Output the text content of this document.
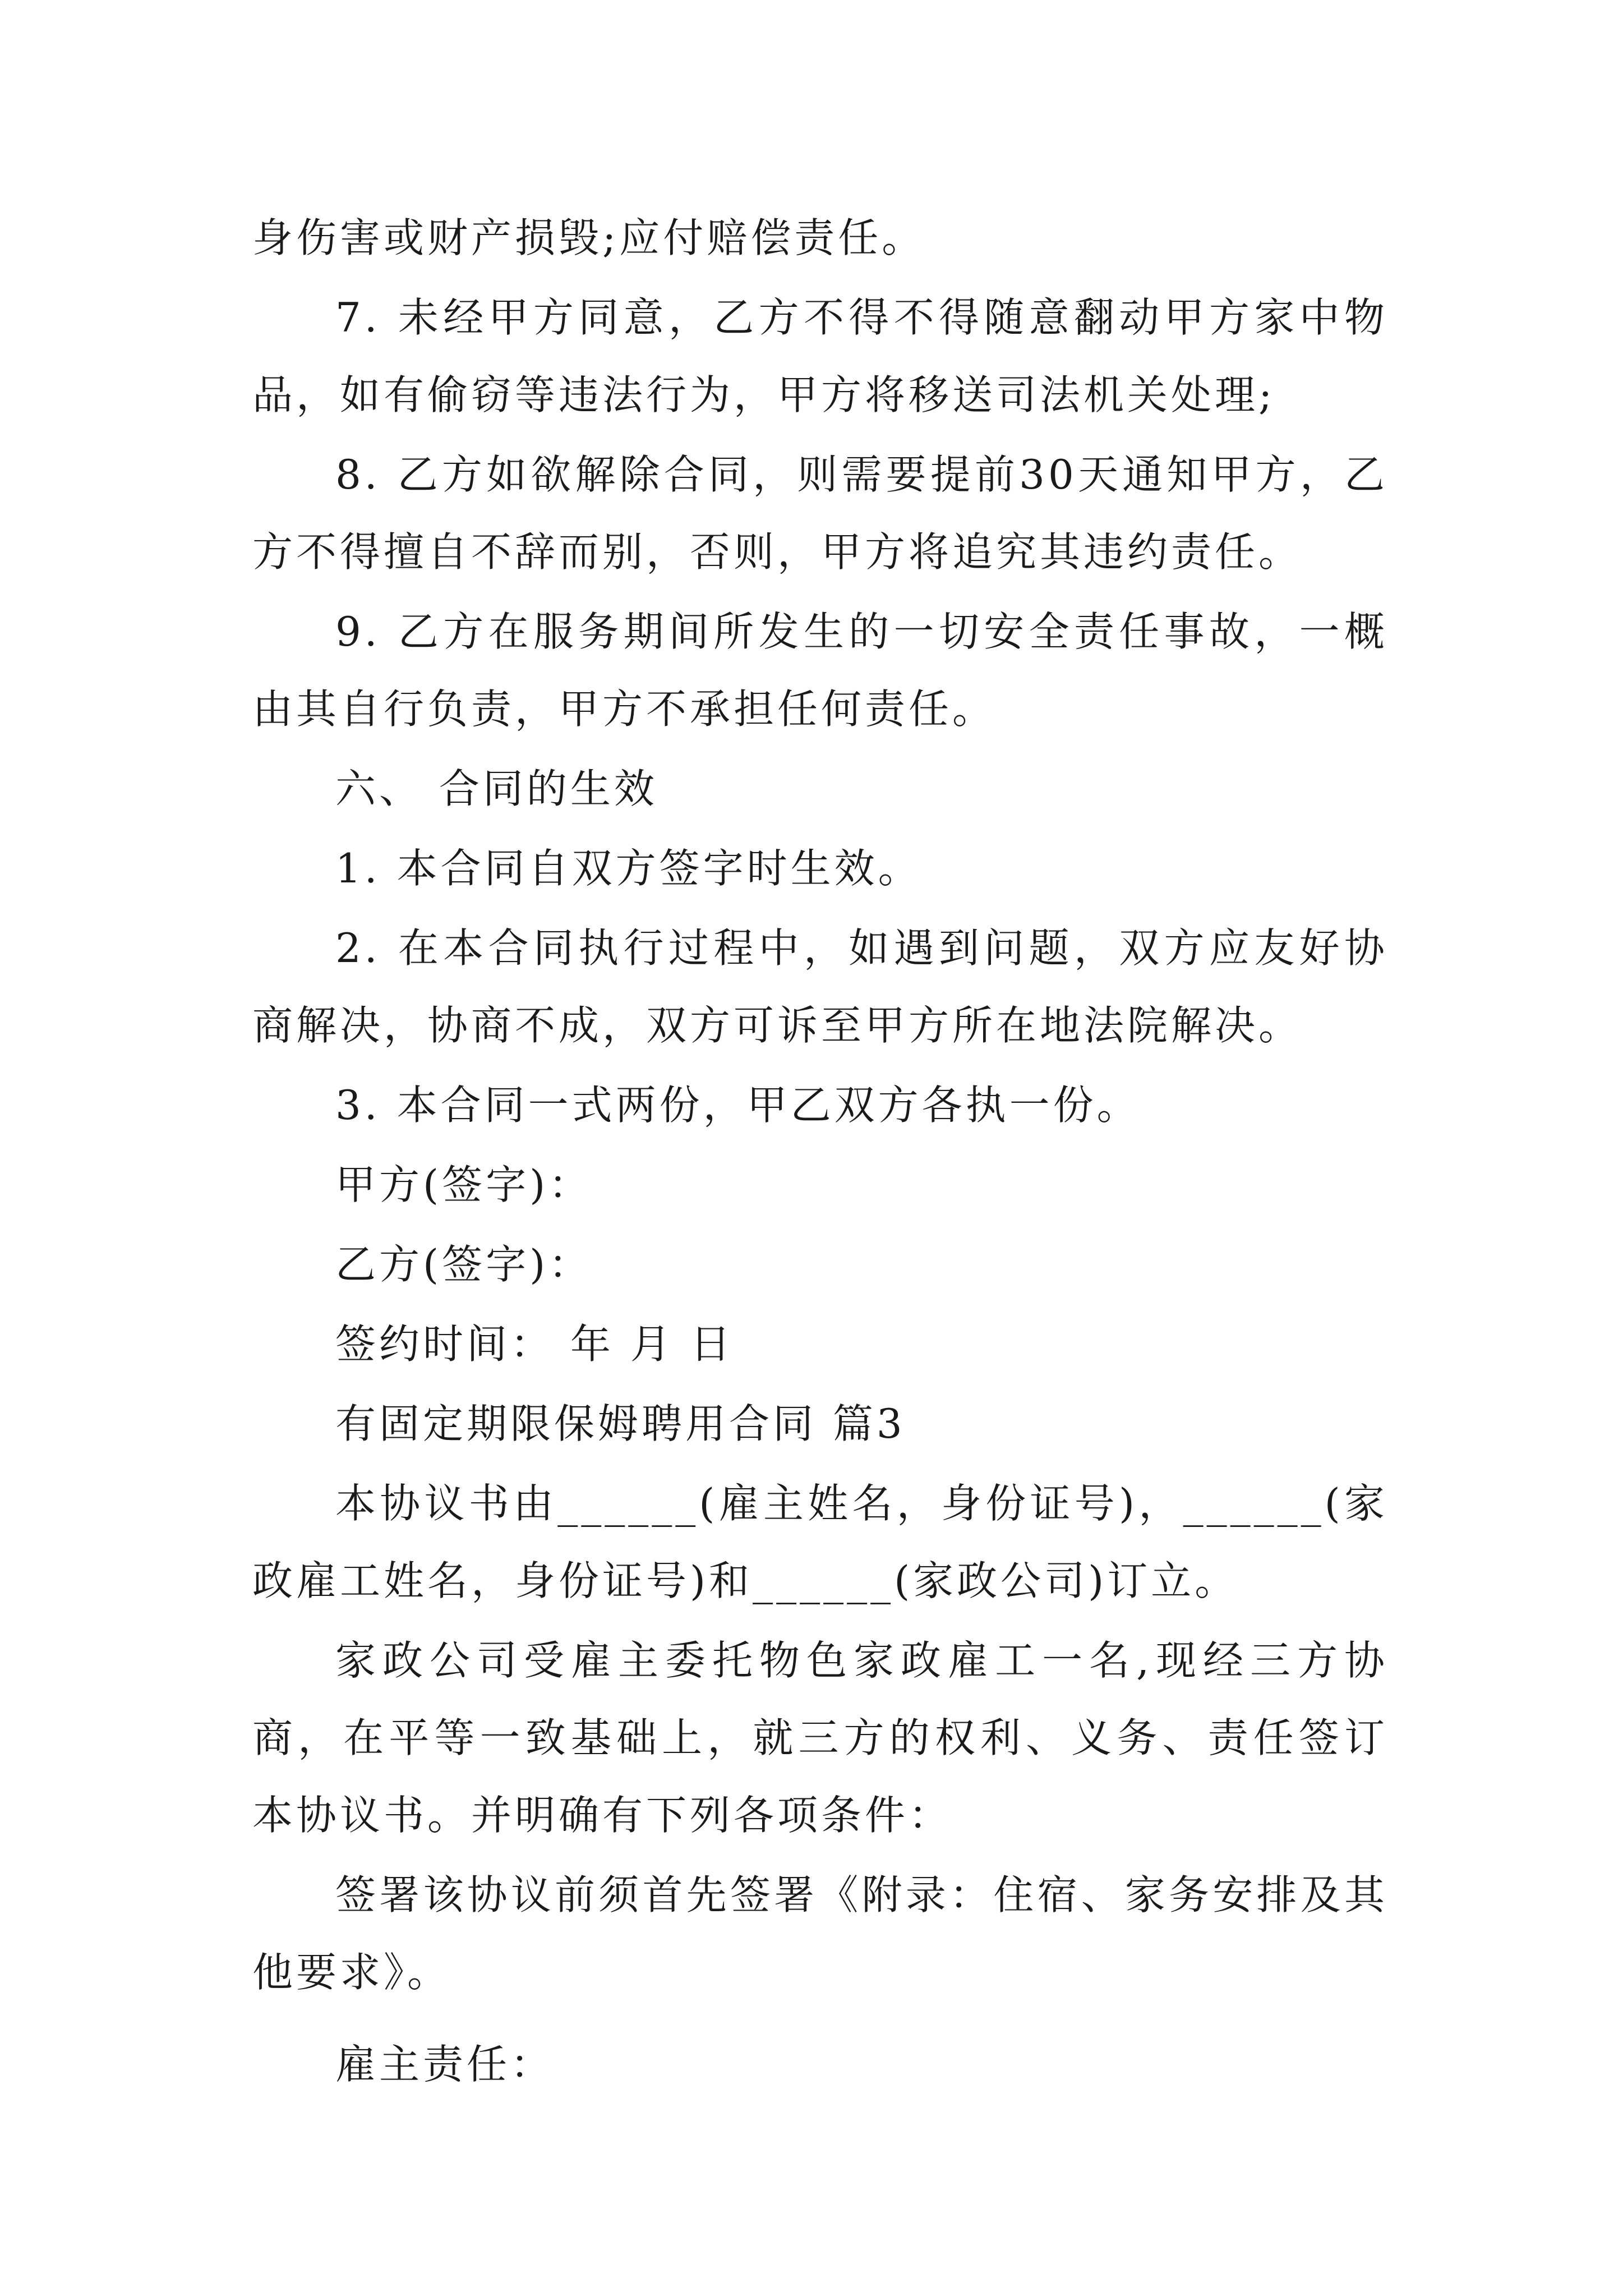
身伤害或财产损毁;应付赔偿责任。

7. 未经甲方同意，乙方不得不得随意翻动甲方家中物品，如有偷窃等违法行为，甲方将移送司法机关处理;

8. 乙方如欲解除合同，则需要提前30天通知甲方，乙方不得擅自不辞而别，否则，甲方将追究其违约责任。

9. 乙方在服务期间所发生的一切安全责任事故，一概由其自行负责，甲方不承担任何责任。

六、 合同的生效

1. 本合同自双方签字时生效。

2. 在本合同执行过程中，如遇到问题，双方应友好协商解决，协商不成，双方可诉至甲方所在地法院解决。

3. 本合同一式两份，甲乙双方各执一份。

甲方(签字)：

乙方(签字)：

签约时间： 年 月 日

有固定期限保姆聘用合同 篇3

本协议书由______(雇主姓名，身份证号)，______(家政雇工姓名，身份证号)和______(家政公司)订立。

家政公司受雇主委托物色家政雇工一名,现经三方协商，在平等一致基础上，就三方的权利、义务、责任签订本协议书。并明确有下列各项条件：

签署该协议前须首先签署《附录：住宿、家务安排及其他要求》。

雇主责任：
